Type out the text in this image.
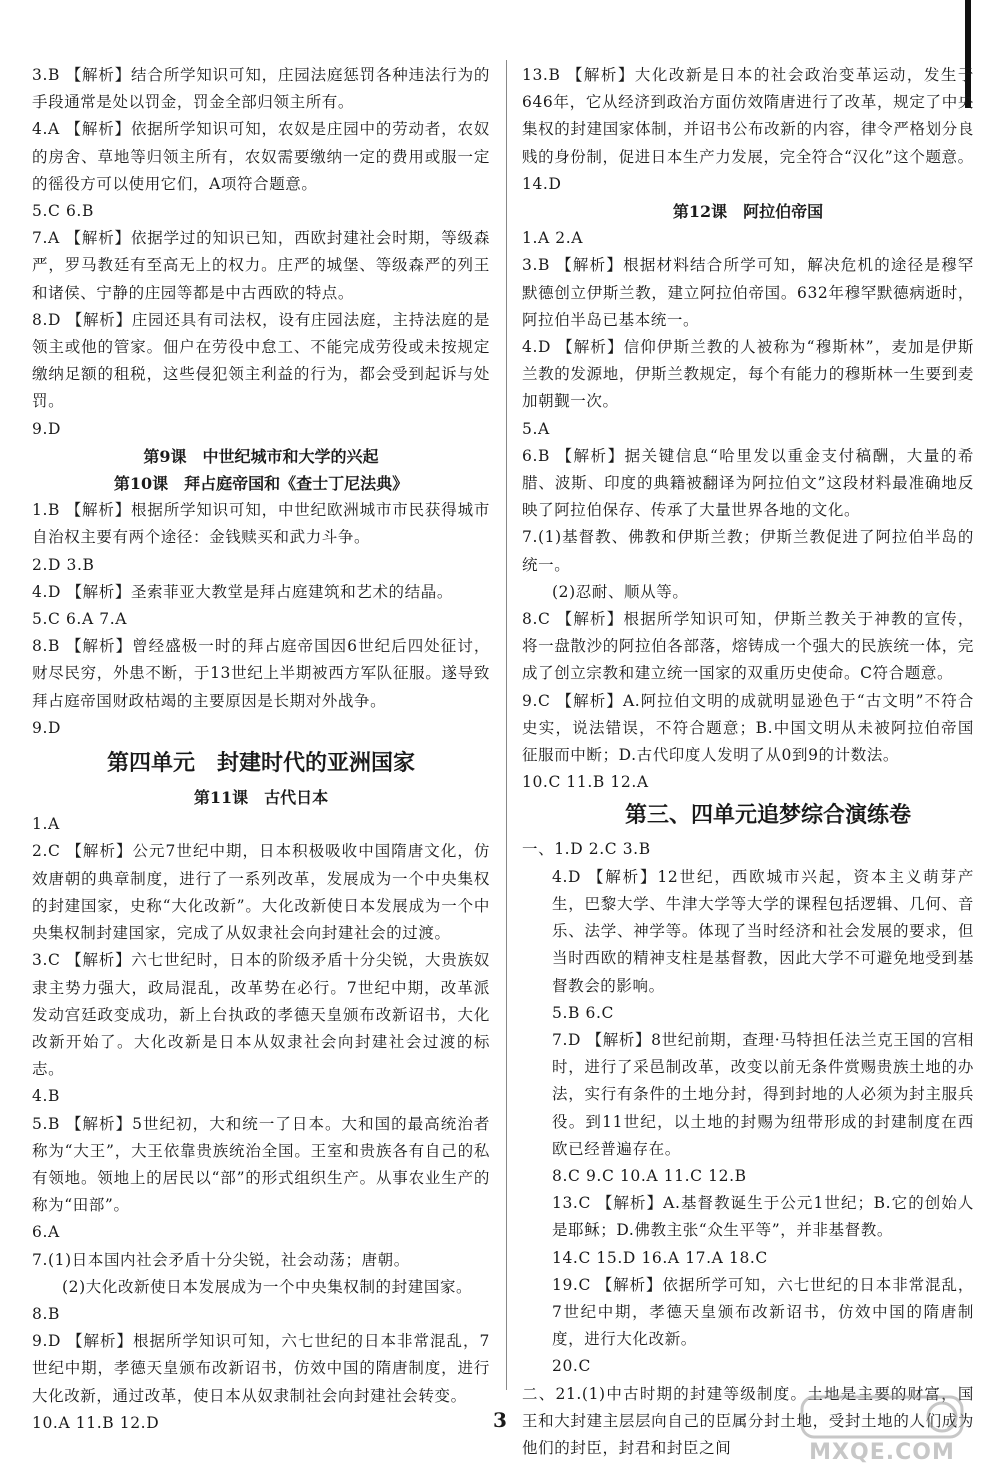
3.B 【解析】结合所学知识可知，庄园法庭惩罚各种违法行为的手段通常是处以罚金，罚金全部归领主所有。

4.A 【解析】依据所学知识可知，农奴是庄园中的劳动者，农奴的房舍、草地等归领主所有，农奴需要缴纳一定的费用或服一定的徭役方可以使用它们，A项符合题意。

5.C 6.B

7.A 【解析】依据学过的知识已知，西欧封建社会时期，等级森严，罗马教廷有至高无上的权力。庄严的城堡、等级森严的列王和诸侯、宁静的庄园等都是中古西欧的特点。

8.D 【解析】庄园还具有司法权，设有庄园法庭，主持法庭的是领主或他的管家。佃户在劳役中怠工、不能完成劳役或未按规定缴纳足额的租税，这些侵犯领主利益的行为，都会受到起诉与处罚。

9.D

第9课　中世纪城市和大学的兴起

第10课　拜占庭帝国和《查士丁尼法典》

1.B 【解析】根据所学知识可知，中世纪欧洲城市市民获得城市自治权主要有两个途径：金钱赎买和武力斗争。

2.D 3.B

4.D 【解析】圣索菲亚大教堂是拜占庭建筑和艺术的结晶。

5.C 6.A 7.A

8.B 【解析】曾经盛极一时的拜占庭帝国因6世纪后四处征讨，财尽民穷，外患不断，于13世纪上半期被西方军队征服。遂导致拜占庭帝国财政枯竭的主要原因是长期对外战争。

9.D

第四单元　封建时代的亚洲国家

第11课　古代日本

1.A

2.C 【解析】公元7世纪中期，日本积极吸收中国隋唐文化，仿效唐朝的典章制度，进行了一系列改革，发展成为一个中央集权的封建国家，史称“大化改新”。大化改新使日本发展成为一个中央集权制封建国家，完成了从奴隶社会向封建社会的过渡。

3.C 【解析】六七世纪时，日本的阶级矛盾十分尖锐，大贵族奴隶主势力强大，政局混乱，改革势在必行。7世纪中期，改革派发动宫廷政变成功，新上台执政的孝德天皇颁布改新诏书，大化改新开始了。大化改新是日本从奴隶社会向封建社会过渡的标志。

4.B

5.B 【解析】5世纪初，大和统一了日本。大和国的最高统治者称为“大王”，大王依靠贵族统治全国。王室和贵族各有自己的私有领地。领地上的居民以“部”的形式组织生产。从事农业生产的称为“田部”。

6.A

7.(1)日本国内社会矛盾十分尖锐，社会动荡；唐朝。

(2)大化改新使日本发展成为一个中央集权制的封建国家。

8.B

9.D 【解析】根据所学知识可知，六七世纪的日本非常混乱，7世纪中期，孝德天皇颁布改新诏书，仿效中国的隋唐制度，进行大化改新，通过改革，使日本从奴隶制社会向封建社会转变。

10.A 11.B 12.D

13.B 【解析】大化改新是日本的社会政治变革运动，发生于646年，它从经济到政治方面仿效隋唐进行了改革，规定了中央集权的封建国家体制，并诏书公布改新的内容，律令严格划分良贱的身份制，促进日本生产力发展，完全符合“汉化”这个题意。

14.D

第12课　阿拉伯帝国

1.A 2.A

3.B 【解析】根据材料结合所学可知，解决危机的途径是穆罕默德创立伊斯兰教，建立阿拉伯帝国。632年穆罕默德病逝时，阿拉伯半岛已基本统一。

4.D 【解析】信仰伊斯兰教的人被称为“穆斯林”，麦加是伊斯兰教的发源地，伊斯兰教规定，每个有能力的穆斯林一生要到麦加朝觐一次。

5.A

6.B 【解析】据关键信息“哈里发以重金支付稿酬，大量的希腊、波斯、印度的典籍被翻译为阿拉伯文”这段材料最准确地反映了阿拉伯保存、传承了大量世界各地的文化。

7.(1)基督教、佛教和伊斯兰教；伊斯兰教促进了阿拉伯半岛的统一。

(2)忍耐、顺从等。

8.C 【解析】根据所学知识可知，伊斯兰教关于神教的宣传，将一盘散沙的阿拉伯各部落，熔铸成一个强大的民族统一体，完成了创立宗教和建立统一国家的双重历史使命。C符合题意。

9.C 【解析】A.阿拉伯文明的成就明显逊色于“古文明”不符合史实，说法错误，不符合题意；B.中国文明从未被阿拉伯帝国征服而中断；D.古代印度人发明了从0到9的计数法。

10.C 11.B 12.A

第三、四单元追梦综合演练卷

一、1.D 2.C 3.B

4.D 【解析】12世纪，西欧城市兴起，资本主义萌芽产生，巴黎大学、牛津大学等大学的课程包括逻辑、几何、音乐、法学、神学等。体现了当时经济和社会发展的要求，但当时西欧的精神支柱是基督教，因此大学不可避免地受到基督教会的影响。

5.B 6.C

7.D 【解析】8世纪前期，查理·马特担任法兰克王国的宫相时，进行了采邑制改革，改变以前无条件赏赐贵族土地的办法，实行有条件的土地分封，得到封地的人必须为封主服兵役。到11世纪，以土地的封赐为纽带形成的封建制度在西欧已经普遍存在。

8.C 9.C 10.A 11.C 12.B

13.C 【解析】A.基督教诞生于公元1世纪；B.它的创始人是耶稣；D.佛教主张“众生平等”，并非基督教。

14.C 15.D 16.A 17.A 18.C

19.C 【解析】依据所学可知，六七世纪的日本非常混乱，7世纪中期，孝德天皇颁布改新诏书，仿效中国的隋唐制度，进行大化改新。

20.C

二、21.(1)中古时期的封建等级制度。土地是主要的财富，国王和大封建主层层向自己的臣属分封土地，受封土地的人们成为他们的封臣，封君和封臣之间

3
MXQE.COM
